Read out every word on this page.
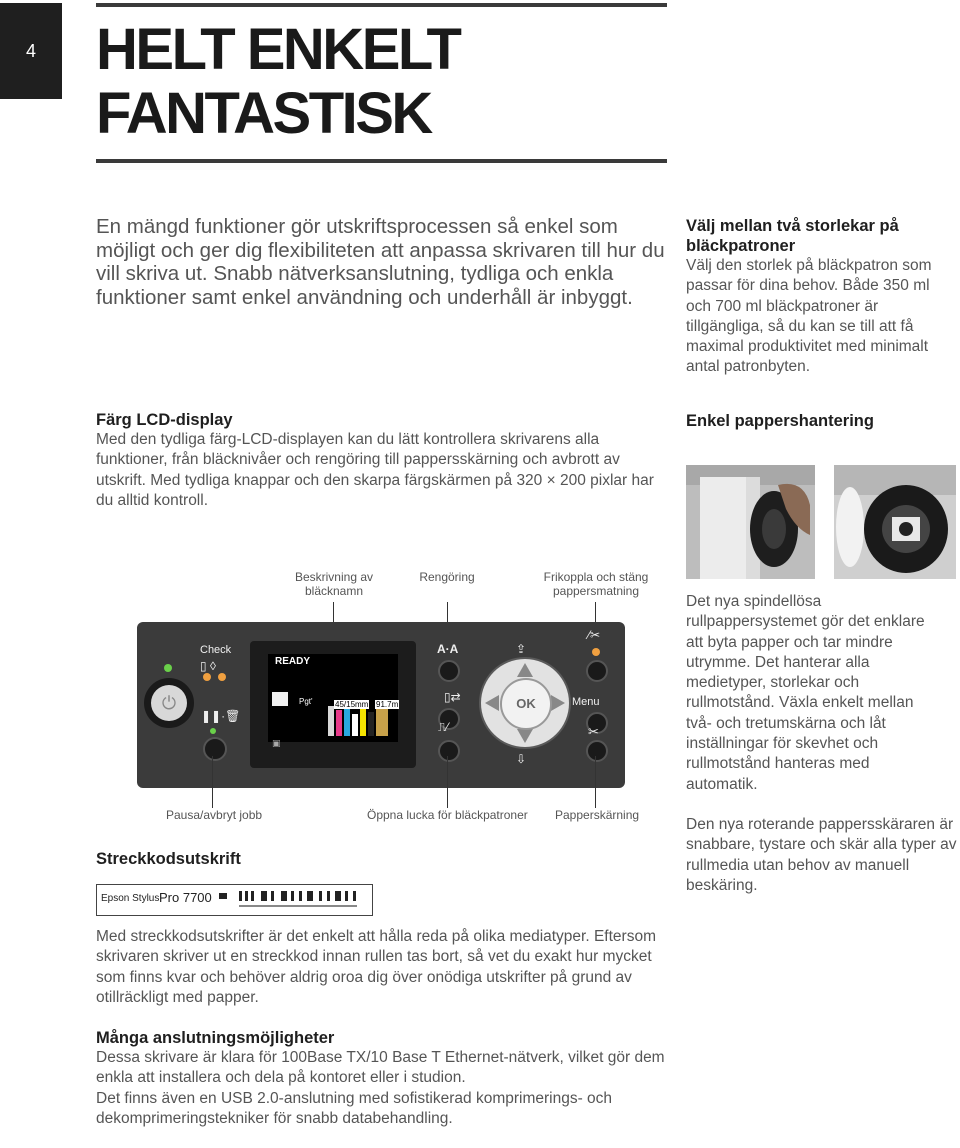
4	HELT ENKELT
FANTASTISK
En mängd funktioner gör utskriftsprocessen så enkel som möjligt och ger dig flexibiliteten att anpassa skrivaren till hur du vill skriva ut. Snabb nätverksanslutning, tydliga och enkla funktioner samt enkel användning och underhåll är inbyggt.
Välj mellan två storlekar på bläckpatroner
Välj den storlek på bläckpatron som passar för dina behov. Både 350 ml och 700 ml bläckpatroner är tillgängliga, så du kan se till att få maximal produktivitet med minimalt antal patronbyten.
Färg LCD-display
Med den tydliga färg-LCD-displayen kan du lätt kontrollera skrivarens alla funktioner, från bläcknivåer och rengöring till pappersskärning och avbrott av utskrift. Med tydliga knappar och den skarpa färgskärmen på 320 × 200 pixlar har du alltid kontroll.
Enkel pappershantering
Det nya spindellösa rullpappersystemet gör det enklare att byta papper och tar mindre utrymme. Det hanterar alla medietyper, storlekar och rullmotstånd. Växla enkelt mellan två- och tretumskärna och låt inställningar för skevhet och rullmotstånd hanteras med automatik.
Den nya roterande pappersskäraren är snabbare, tystare och skär alla typer av rullmedia utan behov av manuell beskäring.
Beskrivning av bläcknamn
Rengöring	Frikoppla och stäng pappersmatning
Check
▯ ◊
⏻
❚❚·🗑
READY
Pgt'	45/15mm 91.7m
▣
A·A
▯⇄
⎍⁄
OK
⇪
⇩
⁄✂
Menu
✂
Pausa/avbryt jobb	Öppna lucka för bläckpatroner Papperskärning
Streckkodsutskrift
Epson Stylus Pro 7700
Med streckkodsutskrifter är det enkelt att hålla reda på olika mediatyper. Eftersom skrivaren skriver ut en streckkod innan rullen tas bort, så vet du exakt hur mycket som finns kvar och behöver aldrig oroa dig över onödiga utskrifter på grund av otillräckligt med papper.
Många anslutningsmöjligheter
Dessa skrivare är klara för 100Base TX/10 Base T Ethernet-nätverk, vilket gör dem enkla att installera och dela på kontoret eller i studion.
Det finns även en USB 2.0-anslutning med sofistikerad komprimerings- och dekomprimeringstekniker för snabb databehandling.
